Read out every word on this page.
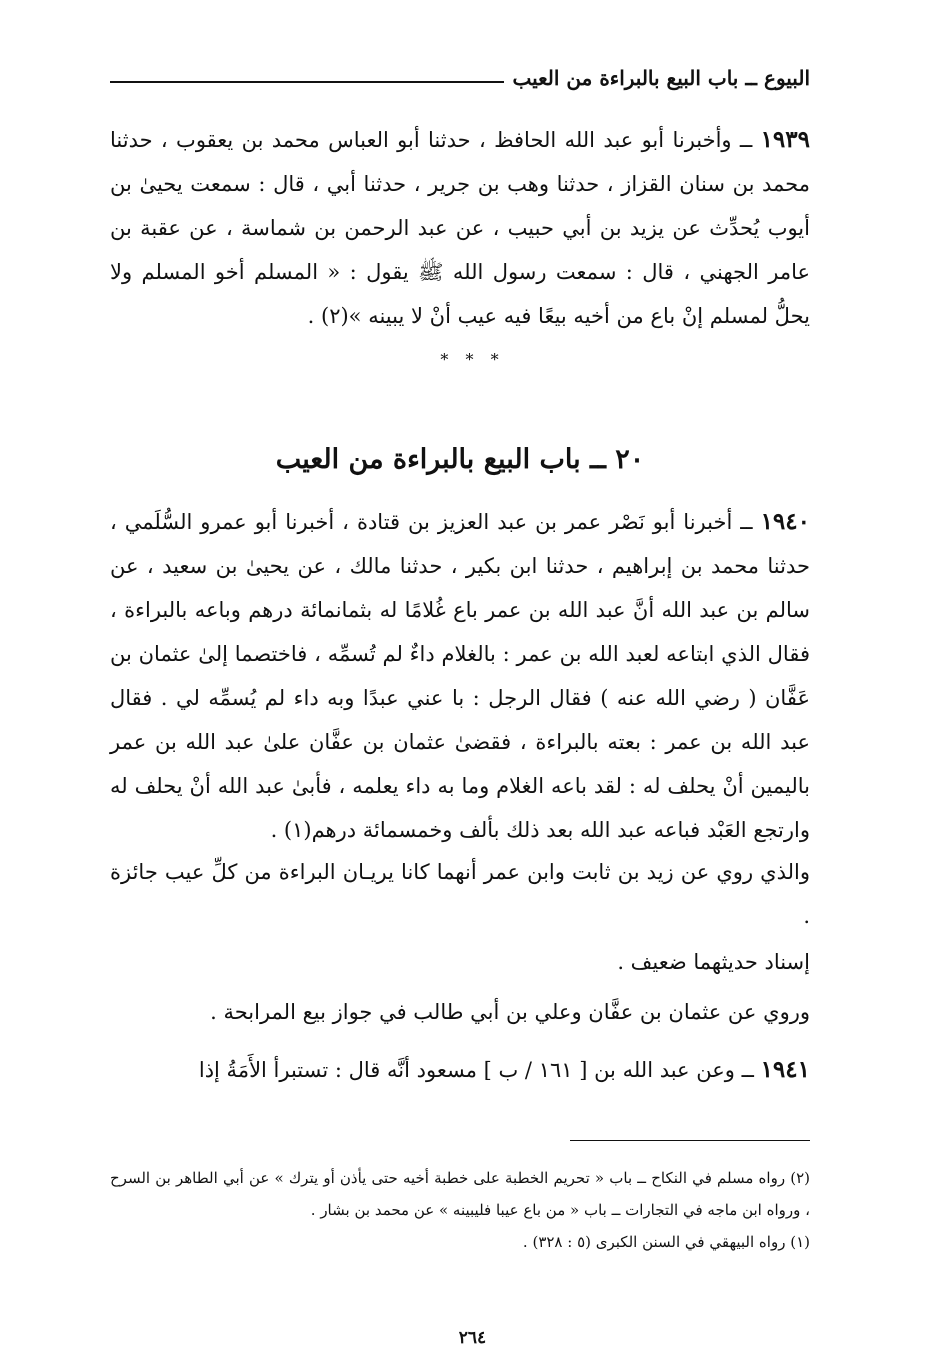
البيوع ــ باب البيع بالبراءة من العيب

١٩٣٩ ــ وأخبرنا أبو عبد الله الحافظ ، حدثنا أبو العباس محمد بن يعقوب ، حدثنا محمد بن سنان القزاز ، حدثنا وهب بن جرير ، حدثنا أبي ، قال : سمعت يحيىٰ بن أيوب يُحدِّث عن يزيد بن أبي حبيب ، عن عبد الرحمن بن شماسة ، عن عقبة بن عامر الجهني ، قال : سمعت رسول الله ﷺ يقول : « المسلم أخو المسلم ولا يحلُّ لمسلم إنْ باع من أخيه بيعًا فيه عيب أنْ لا يبينه »(٢) .

* * *
٢٠ ــ باب البيع بالبراءة من العيب

١٩٤٠ ــ أخبرنا أبو نَصْر عمر بن عبد العزيز بن قتادة ، أخبرنا أبو عمرو السُّلَمي ، حدثنا محمد بن إبراهيم ، حدثنا ابن بكير ، حدثنا مالك ، عن يحيىٰ بن سعيد ، عن سالم بن عبد الله أنَّ عبد الله بن عمر باع غُلامًا له بثمانمائة درهم وباعه بالبراءة ، فقال الذي ابتاعه لعبد الله بن عمر : بالغلام داءٌ لم تُسمِّه ، فاختصما إلىٰ عثمان بن عَفَّان ( رضي الله عنه ) فقال الرجل : با عني عبدًا وبه داء لم يُسمِّه لي . فقال عبد الله بن عمر : بعته بالبراءة ، فقضىٰ عثمان بن عفَّان علىٰ عبد الله بن عمر باليمين أنْ يحلف له : لقد باعه الغلام وما به داء يعلمه ، فأبىٰ عبد الله أنْ يحلف له وارتجع العَبْد فباعه عبد الله بعد ذلك بألف وخمسمائة درهم(١) .

والذي روي عن زيد بن ثابت وابن عمر أنهما كانا يريـان البراءة من كلِّ عيب جائزة .

إسناد حديثهما ضعيف .

وروي عن عثمان بن عفَّان وعلي بن أبي طالب في جواز بيع المرابحة .

١٩٤١ ــ وعن عبد الله بن [ ١٦١ / ب ] مسعود أنَّه قال : تستبرأ الأَمَةُ إذا

(٢) رواه مسلم في النكاح ــ باب « تحريم الخطبة على خطبة أخيه حتى يأذن أو يترك » عن أبي الطاهر بن السرح ، ورواه ابن ماجه في التجارات ــ باب « من باع عيبا فليبينه » عن محمد بن بشار .

(١) رواه البيهقي في السنن الكبرى (٥ : ٣٢٨) .

٢٦٤
